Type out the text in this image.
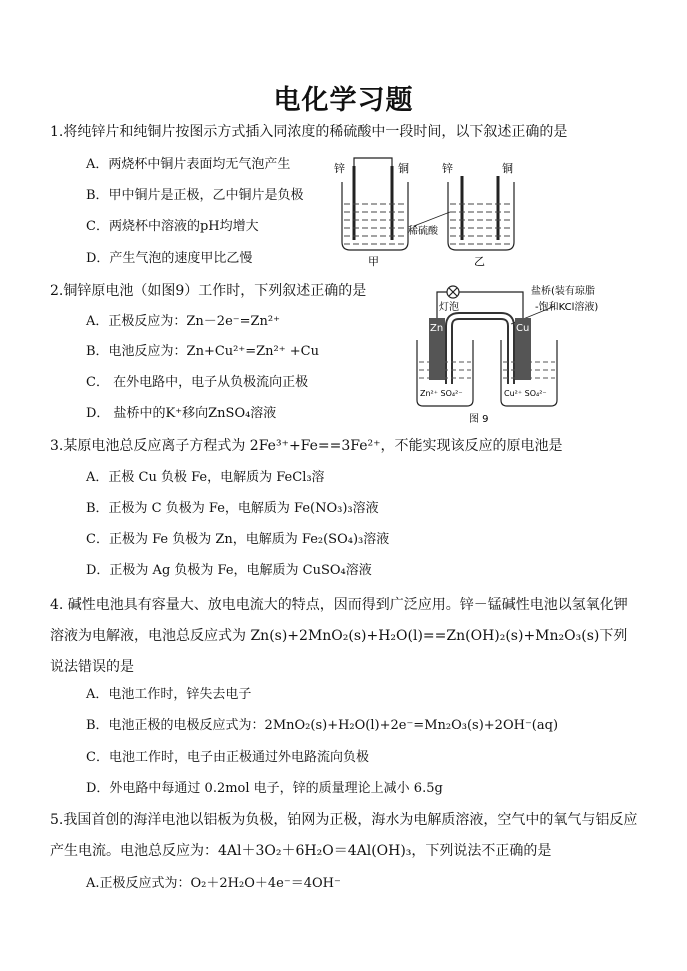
电化学习题
1.将纯锌片和纯铜片按图示方式插入同浓度的稀硫酸中一段时间，以下叙述正确的是
A．两烧杯中铜片表面均无气泡产生
B．甲中铜片是正极，乙中铜片是负极
C．两烧杯中溶液的pH均增大
D．产生气泡的速度甲比乙慢
锌	铜	锌	铜
稀硫酸
甲	乙
2.铜锌原电池（如图9）工作时，下列叙述正确的是
A．正极反应为：Zn－2e⁻=Zn²⁺
B．电池反应为：Zn+Cu²⁺=Zn²⁺ +Cu
C． 在外电路中，电子从负极流向正极
D． 盐桥中的K⁺移向ZnSO₄溶液
灯泡
盐桥(装有琼脂
-饱和KCl溶液)
Zn	Cu
Zn²⁺ SO₄²⁻	Cu²⁺ SO₄²⁻
图 9
3.某原电池总反应离子方程式为 2Fe³⁺+Fe==3Fe²⁺，不能实现该反应的原电池是
A．正极 Cu 负极 Fe，电解质为 FeCl₃溶
B．正极为 C 负极为 Fe，电解质为 Fe(NO₃)₃溶液
C．正极为 Fe 负极为 Zn，电解质为 Fe₂(SO₄)₃溶液
D．正极为 Ag 负极为 Fe，电解质为 CuSO₄溶液
4. 碱性电池具有容量大、放电电流大的特点，因而得到广泛应用。锌－锰碱性电池以氢氧化钾溶液为电解液，电池总反应式为 Zn(s)+2MnO₂(s)+H₂O(l)==Zn(OH)₂(s)+Mn₂O₃(s)下列说法错误的是
A．电池工作时，锌失去电子
B．电池正极的电极反应式为：2MnO₂(s)+H₂O(l)+2e⁻=Mn₂O₃(s)+2OH⁻(aq)
C．电池工作时，电子由正极通过外电路流向负极
D．外电路中每通过 0.2mol 电子，锌的质量理论上减小 6.5g
5.我国首创的海洋电池以铝板为负极，铂网为正极，海水为电解质溶液，空气中的氧气与铝反应产生电流。电池总反应为：4Al＋3O₂＋6H₂O＝4Al(OH)₃，下列说法不正确的是
A.正极反应式为：O₂＋2H₂O＋4e⁻＝4OH⁻
